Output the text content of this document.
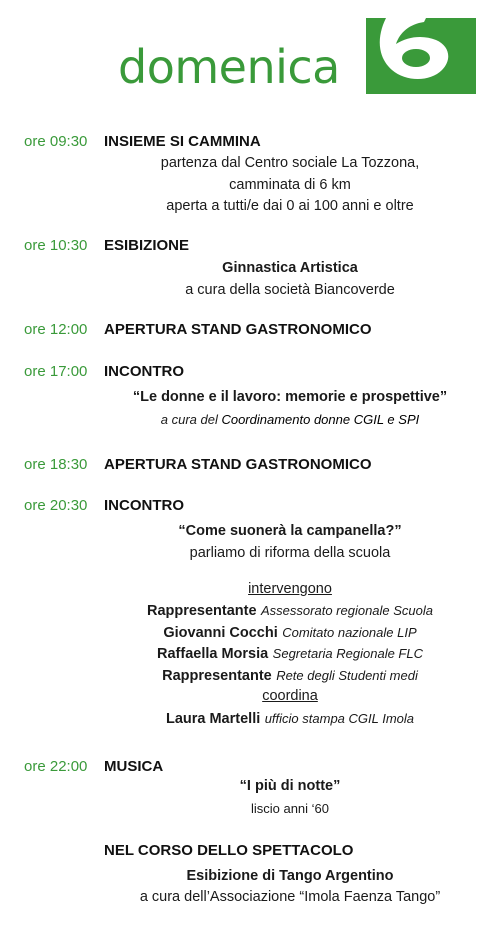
domenica
ore 09:30 INSIEME SI CAMMINA
partenza dal Centro sociale La Tozzona,
camminata di 6 km
aperta a tutti/e dai 0 ai 100 anni e oltre
ore 10:30 ESIBIZIONE
Ginnastica Artistica
a cura della società Biancoverde
ore 12:00 APERTURA STAND GASTRONOMICO
ore 17:00 INCONTRO
“Le donne e il lavoro: memorie e prospettive”
a cura del Coordinamento donne CGIL e SPI
ore 18:30 APERTURA STAND GASTRONOMICO
ore 20:30 INCONTRO
“Come suonerà la campanella?”
parliamo di riforma della scuola
intervengono
Rappresentante Assessorato regionale Scuola
Giovanni Cocchi Comitato nazionale LIP
Raffaella Morsia Segretaria Regionale FLC
Rappresentante Rete degli Studenti medi
coordina
Laura Martelli ufficio stampa CGIL Imola
ore 22:00 MUSICA
“I più di notte”
liscio anni ‘60
NEL CORSO DELLO SPETTACOLO
Esibizione di Tango Argentino
a cura dell’Associazione “Imola Faenza Tango”
